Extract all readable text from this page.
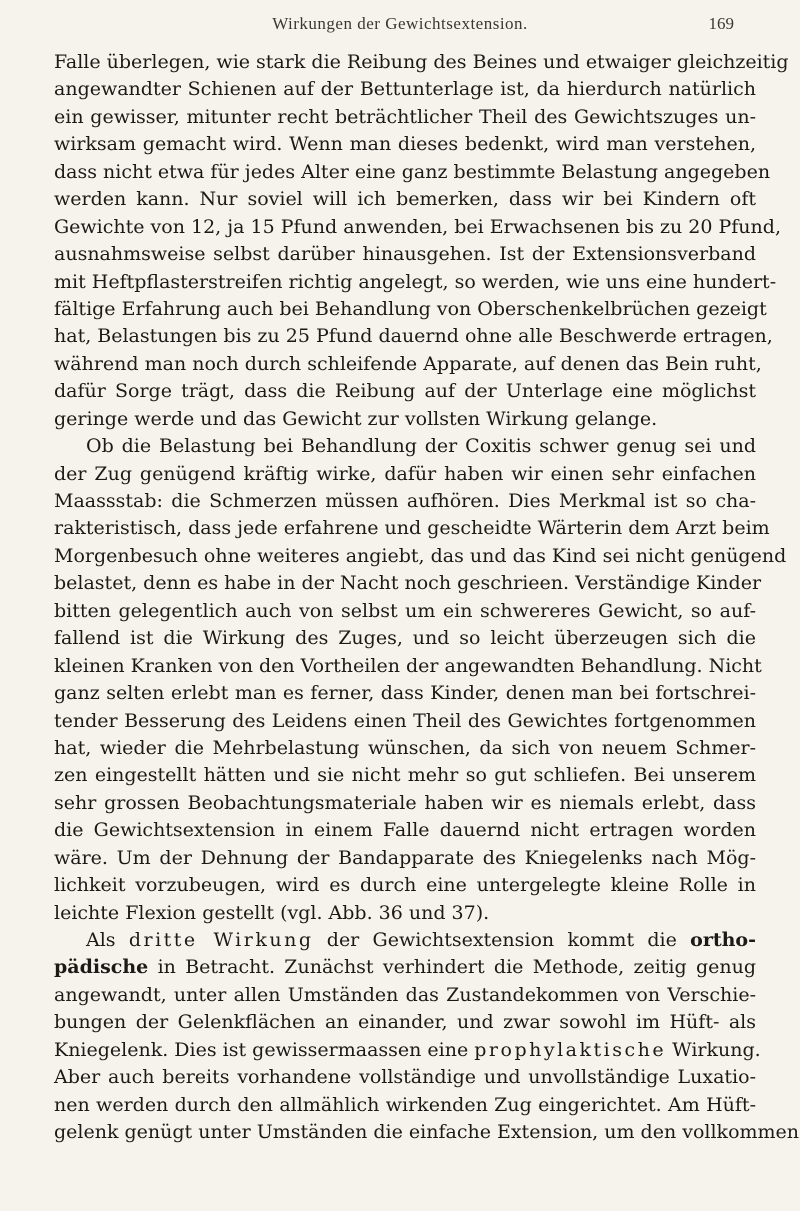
Wirkungen der Gewichtsextension.	169
Falle überlegen, wie stark die Reibung des Beines und etwaiger gleichzeitig
angewandter Schienen auf der Bettunterlage ist, da hierdurch natürlich
ein gewisser, mitunter recht beträchtlicher Theil des Gewichtszuges un-
wirksam gemacht wird. Wenn man dieses bedenkt, wird man verstehen,
dass nicht etwa für jedes Alter eine ganz bestimmte Belastung angegeben
werden kann. Nur soviel will ich bemerken, dass wir bei Kindern oft
Gewichte von 12, ja 15 Pfund anwenden, bei Erwachsenen bis zu 20 Pfund,
ausnahmsweise selbst darüber hinausgehen. Ist der Extensionsverband
mit Heftpflasterstreifen richtig angelegt, so werden, wie uns eine hundert-
fältige Erfahrung auch bei Behandlung von Oberschenkelbrüchen gezeigt
hat, Belastungen bis zu 25 Pfund dauernd ohne alle Beschwerde ertragen,
während man noch durch schleifende Apparate, auf denen das Bein ruht,
dafür Sorge trägt, dass die Reibung auf der Unterlage eine möglichst
geringe werde und das Gewicht zur vollsten Wirkung gelange.
Ob die Belastung bei Behandlung der Coxitis schwer genug sei und
der Zug genügend kräftig wirke, dafür haben wir einen sehr einfachen
Maassstab: die Schmerzen müssen aufhören. Dies Merkmal ist so cha-
rakteristisch, dass jede erfahrene und gescheidte Wärterin dem Arzt beim
Morgenbesuch ohne weiteres angiebt, das und das Kind sei nicht genügend
belastet, denn es habe in der Nacht noch geschrieen. Verständige Kinder
bitten gelegentlich auch von selbst um ein schwereres Gewicht, so auf-
fallend ist die Wirkung des Zuges, und so leicht überzeugen sich die
kleinen Kranken von den Vortheilen der angewandten Behandlung. Nicht
ganz selten erlebt man es ferner, dass Kinder, denen man bei fortschrei-
tender Besserung des Leidens einen Theil des Gewichtes fortgenommen
hat, wieder die Mehrbelastung wünschen, da sich von neuem Schmer-
zen eingestellt hätten und sie nicht mehr so gut schliefen. Bei unserem
sehr grossen Beobachtungsmateriale haben wir es niemals erlebt, dass
die Gewichtsextension in einem Falle dauernd nicht ertragen worden
wäre. Um der Dehnung der Bandapparate des Kniegelenks nach Mög-
lichkeit vorzubeugen, wird es durch eine untergelegte kleine Rolle in
leichte Flexion gestellt (vgl. Abb. 36 und 37).
Als dritte Wirkung der Gewichtsextension kommt die ortho-
pädische in Betracht. Zunächst verhindert die Methode, zeitig genug
angewandt, unter allen Umständen das Zustandekommen von Verschie-
bungen der Gelenkflächen an einander, und zwar sowohl im Hüft- als
Kniegelenk. Dies ist gewissermaassen eine prophylaktische Wirkung.
Aber auch bereits vorhandene vollständige und unvollständige Luxatio-
nen werden durch den allmählich wirkenden Zug eingerichtet. Am Hüft-
gelenk genügt unter Umständen die einfache Extension, um den vollkommen
